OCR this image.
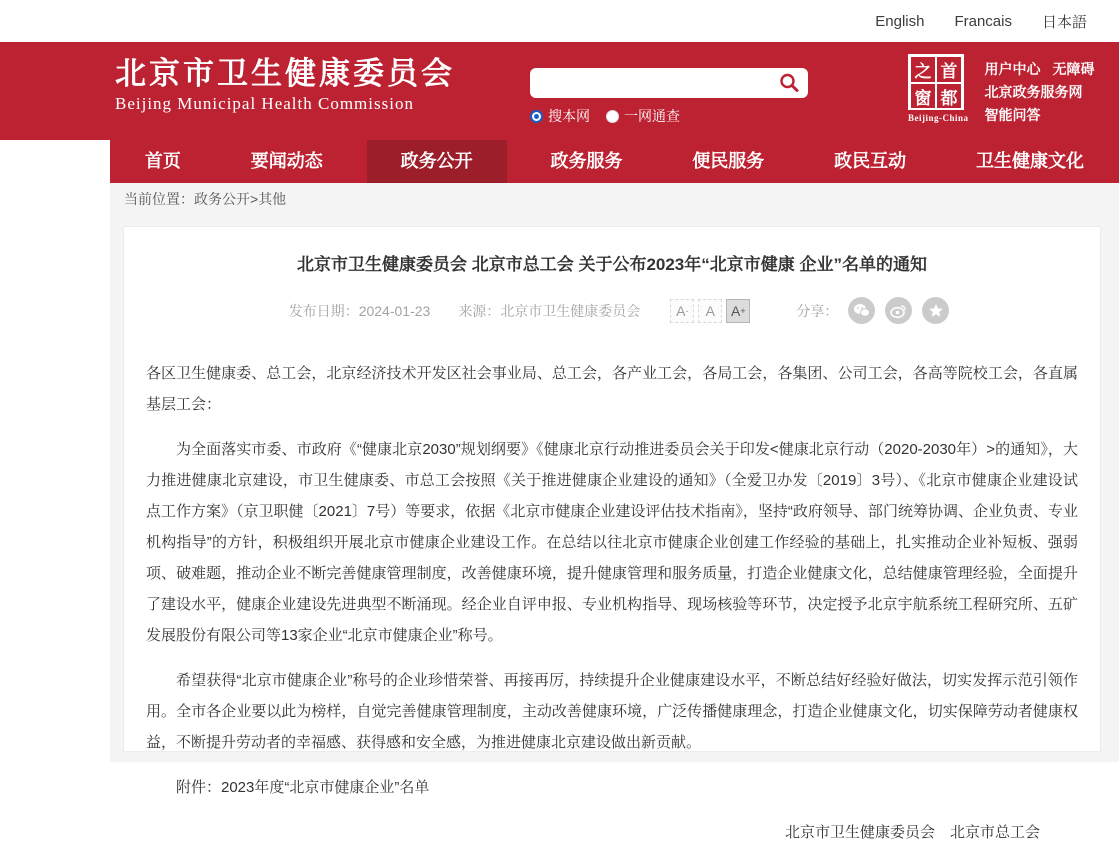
English Francais 日本語
北京市卫生健康委员会
Beijing Municipal Health Commission
搜本网 一网通查
之 首
窗 都
Beijing-China
用户中心 无障碍
北京政务服务网
智能问答
首页	要闻动态	政务公开	政务服务	便民服务	政民互动	卫生健康文化
当前位置：政务公开>其他
北京市卫生健康委员会 北京市总工会 关于公布2023年“北京市健康 企业”名单的通知
发布日期：2024-01-23 来源：北京市卫生健康委员会	A - A A +	分享：

各区卫生健康委、总工会，北京经济技术开发区社会事业局、总工会，各产业工会，各局工会，各集团、公司工会，各高等院校工会，各直属基层工会：

为全面落实市委、市政府《“健康北京2030”规划纲要》《健康北京行动推进委员会关于印发<健康北京行动（2020-2030年）>的通知》，大力推进健康北京建设，市卫生健康委、市总工会按照《关于推进健康企业建设的通知》（全爱卫办发〔2019〕3号）、《北京市健康企业建设试点工作方案》（京卫职健〔2021〕7号）等要求，依据《北京市健康企业建设评估技术指南》，坚持“政府领导、部门统筹协调、企业负责、专业机构指导”的方针，积极组织开展北京市健康企业建设工作。在总结以往北京市健康企业创建工作经验的基础上，扎实推动企业补短板、强弱项、破难题，推动企业不断完善健康管理制度，改善健康环境，提升健康管理和服务质量，打造企业健康文化，总结健康管理经验，全面提升了建设水平，健康企业建设先进典型不断涌现。经企业自评申报、专业机构指导、现场核验等环节，决定授予北京宇航系统工程研究所、五矿发展股份有限公司等13家企业“北京市健康企业”称号。

希望获得“北京市健康企业”称号的企业珍惜荣誉、再接再厉，持续提升企业健康建设水平，不断总结好经验好做法，切实发挥示范引领作用。全市各企业要以此为榜样，自觉完善健康管理制度，主动改善健康环境，广泛传播健康理念，打造企业健康文化，切实保障劳动者健康权益，不断提升劳动者的幸福感、获得感和安全感，为推进健康北京建设做出新贡献。

附件：2023年度“北京市健康企业”名单

北京市卫生健康委员会　北京市总工会
